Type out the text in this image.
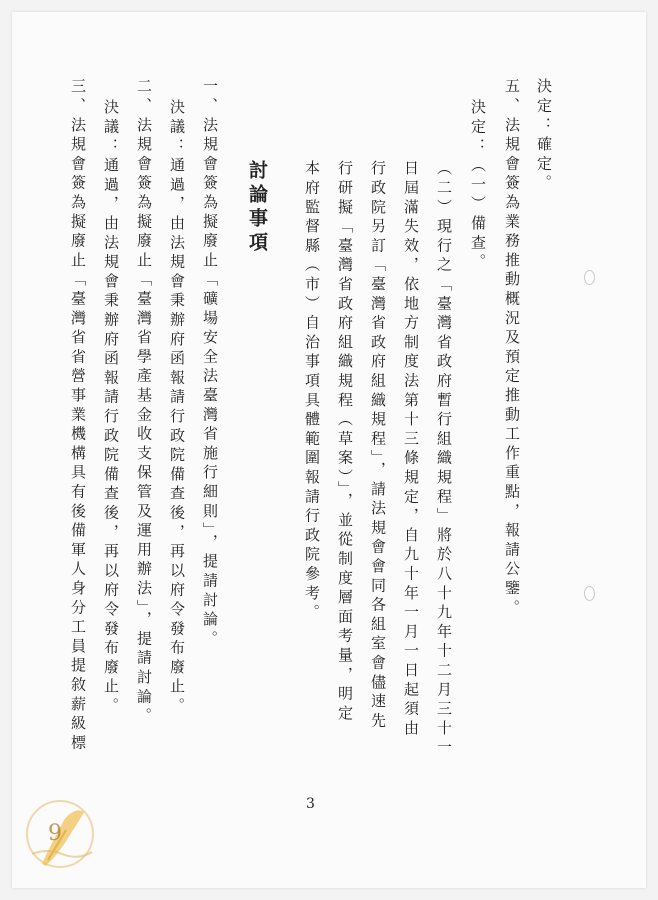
決定：確定。
五、法規會簽為業務推動概況及預定推動工作重點，報請公鑒。
決定：（一）備查。
（二）現行之「臺灣省政府暫行組織規程」將於八十九年十二月三十一
日屆滿失效，依地方制度法第十三條規定，自九十年一月一日起須由
行政院另訂「臺灣省政府組織規程」，請法規會會同各組室會儘速先
行研擬「臺灣省政府組織規程（草案）」，並從制度層面考量，明定
本府監督縣（市）自治事項具體範圍報請行政院參考。
討論事項
一、法規會簽為擬廢止「礦場安全法臺灣省施行細則」，提請討論。
決議：通過，由法規會秉辦府函報請行政院備查後，再以府令發布廢止。
二、法規會簽為擬廢止「臺灣省學產基金收支保管及運用辦法」，提請討論。
決議：通過，由法規會秉辦府函報請行政院備查後，再以府令發布廢止。
三、法規會簽為擬廢止「臺灣省省營事業機構具有後備軍人身分工員提敘薪級標
3
9
